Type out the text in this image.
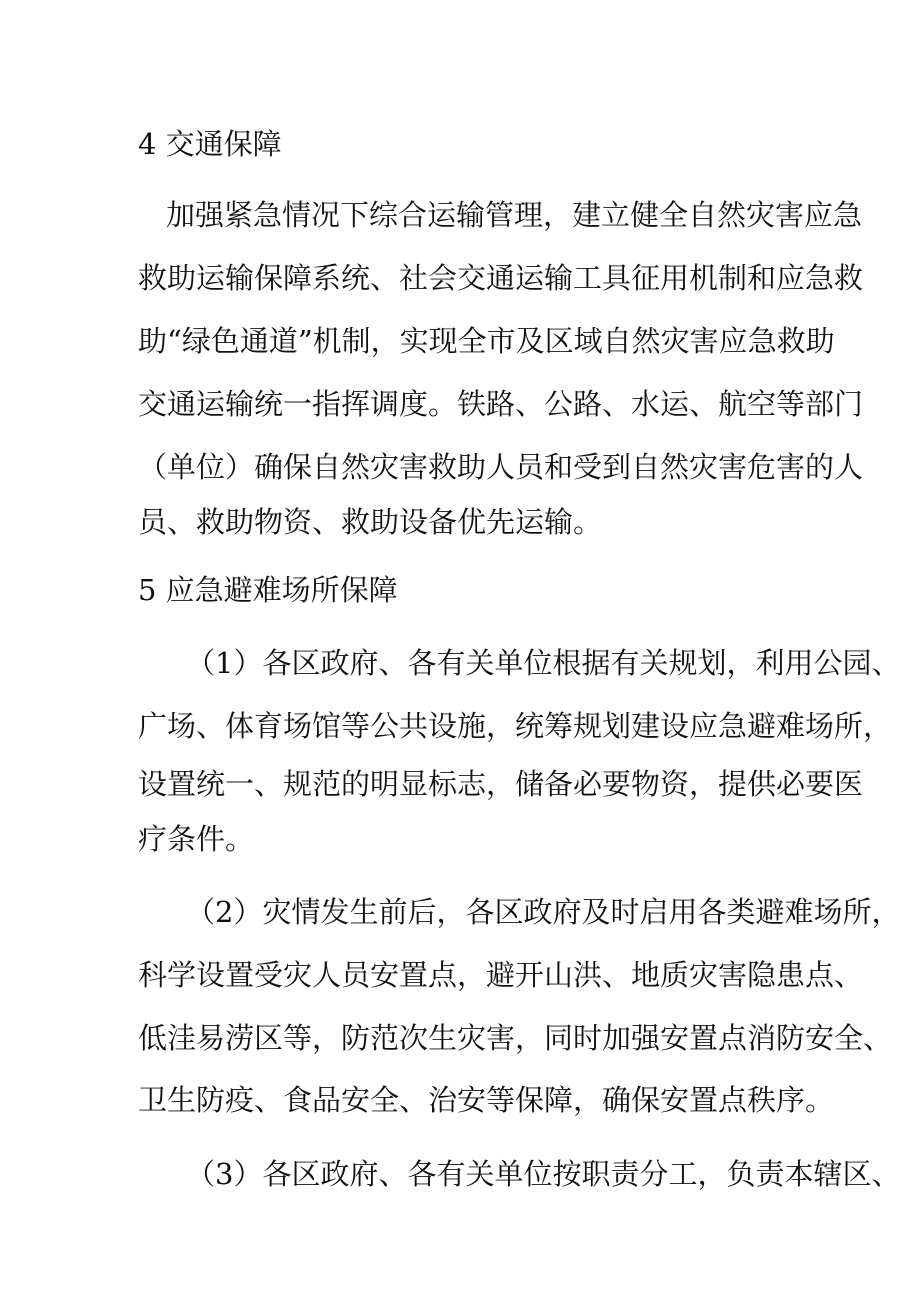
4 交通保障
加强紧急情况下综合运输管理，建立健全自然灾害应急
救助运输保障系统、社会交通运输工具征用机制和应急救
助“绿色通道”机制，实现全市及区域自然灾害应急救助
交通运输统一指挥调度。铁路、公路、水运、航空等部门
（单位）确保自然灾害救助人员和受到自然灾害危害的人
员、救助物资、救助设备优先运输。
5 应急避难场所保障
（1）各区政府、各有关单位根据有关规划，利用公园、
广场、体育场馆等公共设施，统筹规划建设应急避难场所，
设置统一、规范的明显标志，储备必要物资，提供必要医
疗条件。
（2）灾情发生前后，各区政府及时启用各类避难场所，
科学设置受灾人员安置点，避开山洪、地质灾害隐患点、
低洼易涝区等，防范次生灾害，同时加强安置点消防安全、
卫生防疫、食品安全、治安等保障，确保安置点秩序。
（3）各区政府、各有关单位按职责分工，负责本辖区、
